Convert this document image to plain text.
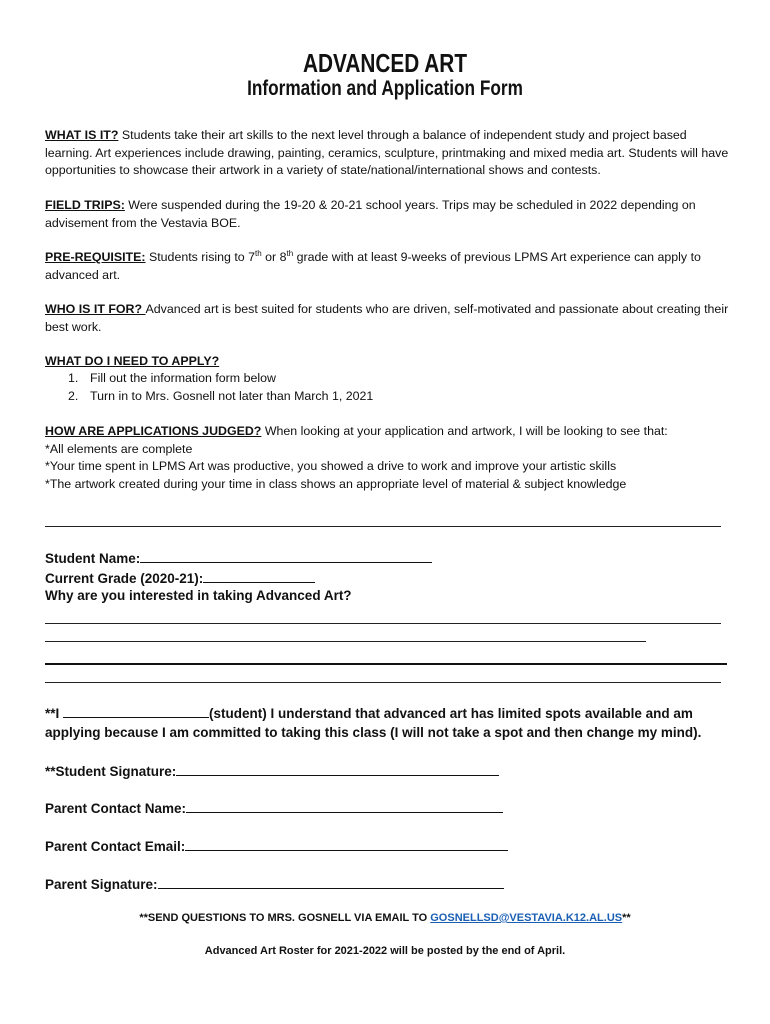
ADVANCED ART
Information and Application Form
WHAT IS IT? Students take their art skills to the next level through a balance of independent study and project based learning. Art experiences include drawing, painting, ceramics, sculpture, printmaking and mixed media art. Students will have opportunities to showcase their artwork in a variety of state/national/international shows and contests.
FIELD TRIPS: Were suspended during the 19-20 & 20-21 school years. Trips may be scheduled in 2022 depending on advisement from the Vestavia BOE.
PRE-REQUISITE: Students rising to 7th or 8th grade with at least 9-weeks of previous LPMS Art experience can apply to advanced art.
WHO IS IT FOR? Advanced art is best suited for students who are driven, self-motivated and passionate about creating their best work.
WHAT DO I NEED TO APPLY?
1. Fill out the information form below
2. Turn in to Mrs. Gosnell not later than March 1, 2021
HOW ARE APPLICATIONS JUDGED? When looking at your application and artwork, I will be looking to see that:
*All elements are complete
*Your time spent in LPMS Art was productive, you showed a drive to work and improve your artistic skills
*The artwork created during your time in class shows an appropriate level of material & subject knowledge
Student Name:
Current Grade (2020-21):
Why are you interested in taking Advanced Art?
**I	(student) I understand that advanced art has limited spots available and am applying because I am committed to taking this class (I will not take a spot and then change my mind).
**Student Signature:
Parent Contact Name:
Parent Contact Email:
Parent Signature:
**SEND QUESTIONS TO MRS. GOSNELL VIA EMAIL TO GOSNELLSD@VESTAVIA.K12.AL.US**
Advanced Art Roster for 2021-2022 will be posted by the end of April.
